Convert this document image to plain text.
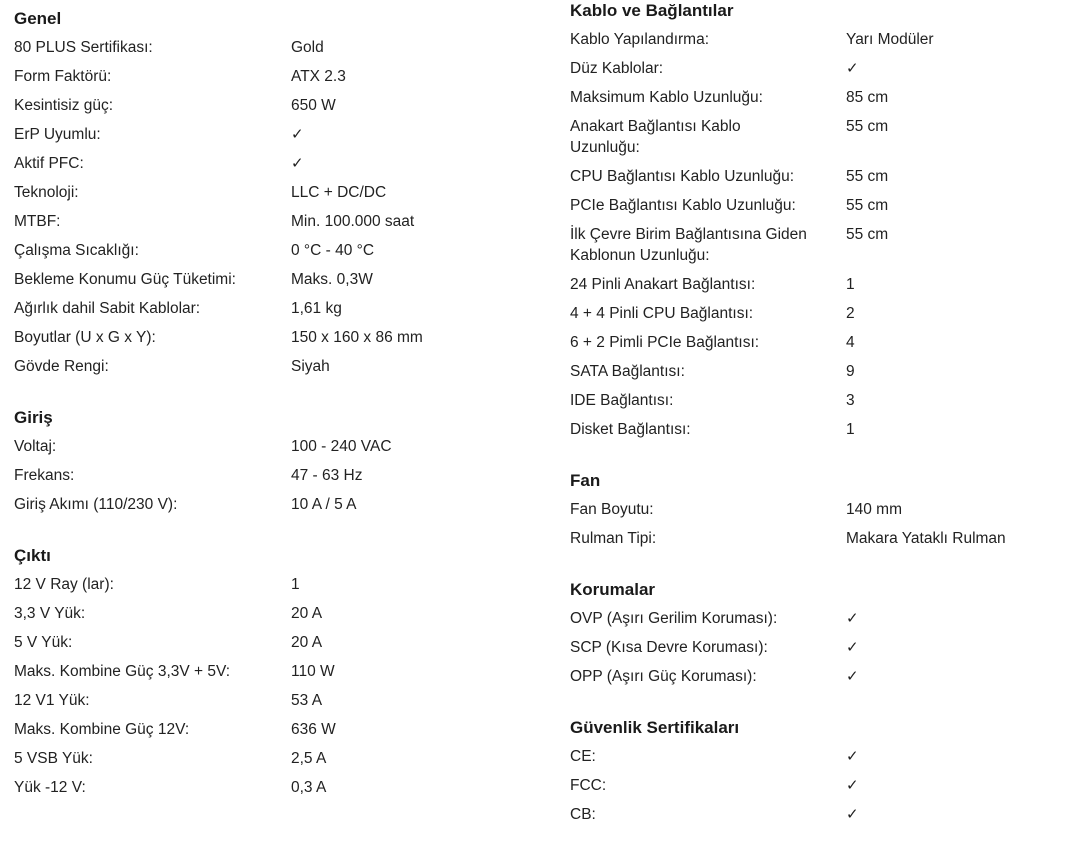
Genel
80 PLUS Sertifikası:	Gold
Form Faktörü:	ATX 2.3
Kesintisiz güç:	650 W
ErP Uyumlu:	✓
Aktif PFC:	✓
Teknoloji:	LLC + DC/DC
MTBF:	Min. 100.000 saat
Çalışma Sıcaklığı:	0 °C - 40 °C
Bekleme Konumu Güç Tüketimi:	Maks. 0,3W
Ağırlık dahil Sabit Kablolar:	1,61 kg
Boyutlar (U x G x Y):	150 x 160 x 86 mm
Gövde Rengi:	Siyah
Giriş
Voltaj:	100 - 240 VAC
Frekans:	47 - 63 Hz
Giriş Akımı (110/230 V):	10 A / 5 A
Çıktı
12 V Ray (lar):	1
3,3 V Yük:	20 A
5 V Yük:	20 A
Maks. Kombine Güç 3,3V + 5V:	110 W
12 V1 Yük:	53 A
Maks. Kombine Güç 12V:	636 W
5 VSB Yük:	2,5 A
Yük -12 V:	0,3 A
Kablo ve Bağlantılar
Kablo Yapılandırma:	Yarı Modüler
Düz Kablolar:	✓
Maksimum Kablo Uzunluğu:	85 cm
Anakart Bağlantısı Kablo Uzunluğu:
55 cm
CPU Bağlantısı Kablo Uzunluğu:	55 cm
PCIe Bağlantısı Kablo Uzunluğu:	55 cm
İlk Çevre Birim Bağlantısına Giden Kablonun Uzunluğu:
55 cm
24 Pinli Anakart Bağlantısı:	1
4 + 4 Pinli CPU Bağlantısı:	2
6 + 2 Pimli PCIe Bağlantısı:	4
SATA Bağlantısı:	9
IDE Bağlantısı:	3
Disket Bağlantısı:	1
Fan
Fan Boyutu:	140 mm
Rulman Tipi:	Makara Yataklı Rulman
Korumalar
OVP (Aşırı Gerilim Koruması):	✓
SCP (Kısa Devre Koruması):	✓
OPP (Aşırı Güç Koruması):	✓
Güvenlik Sertifikaları
CE:	✓
FCC:	✓
CB:	✓
